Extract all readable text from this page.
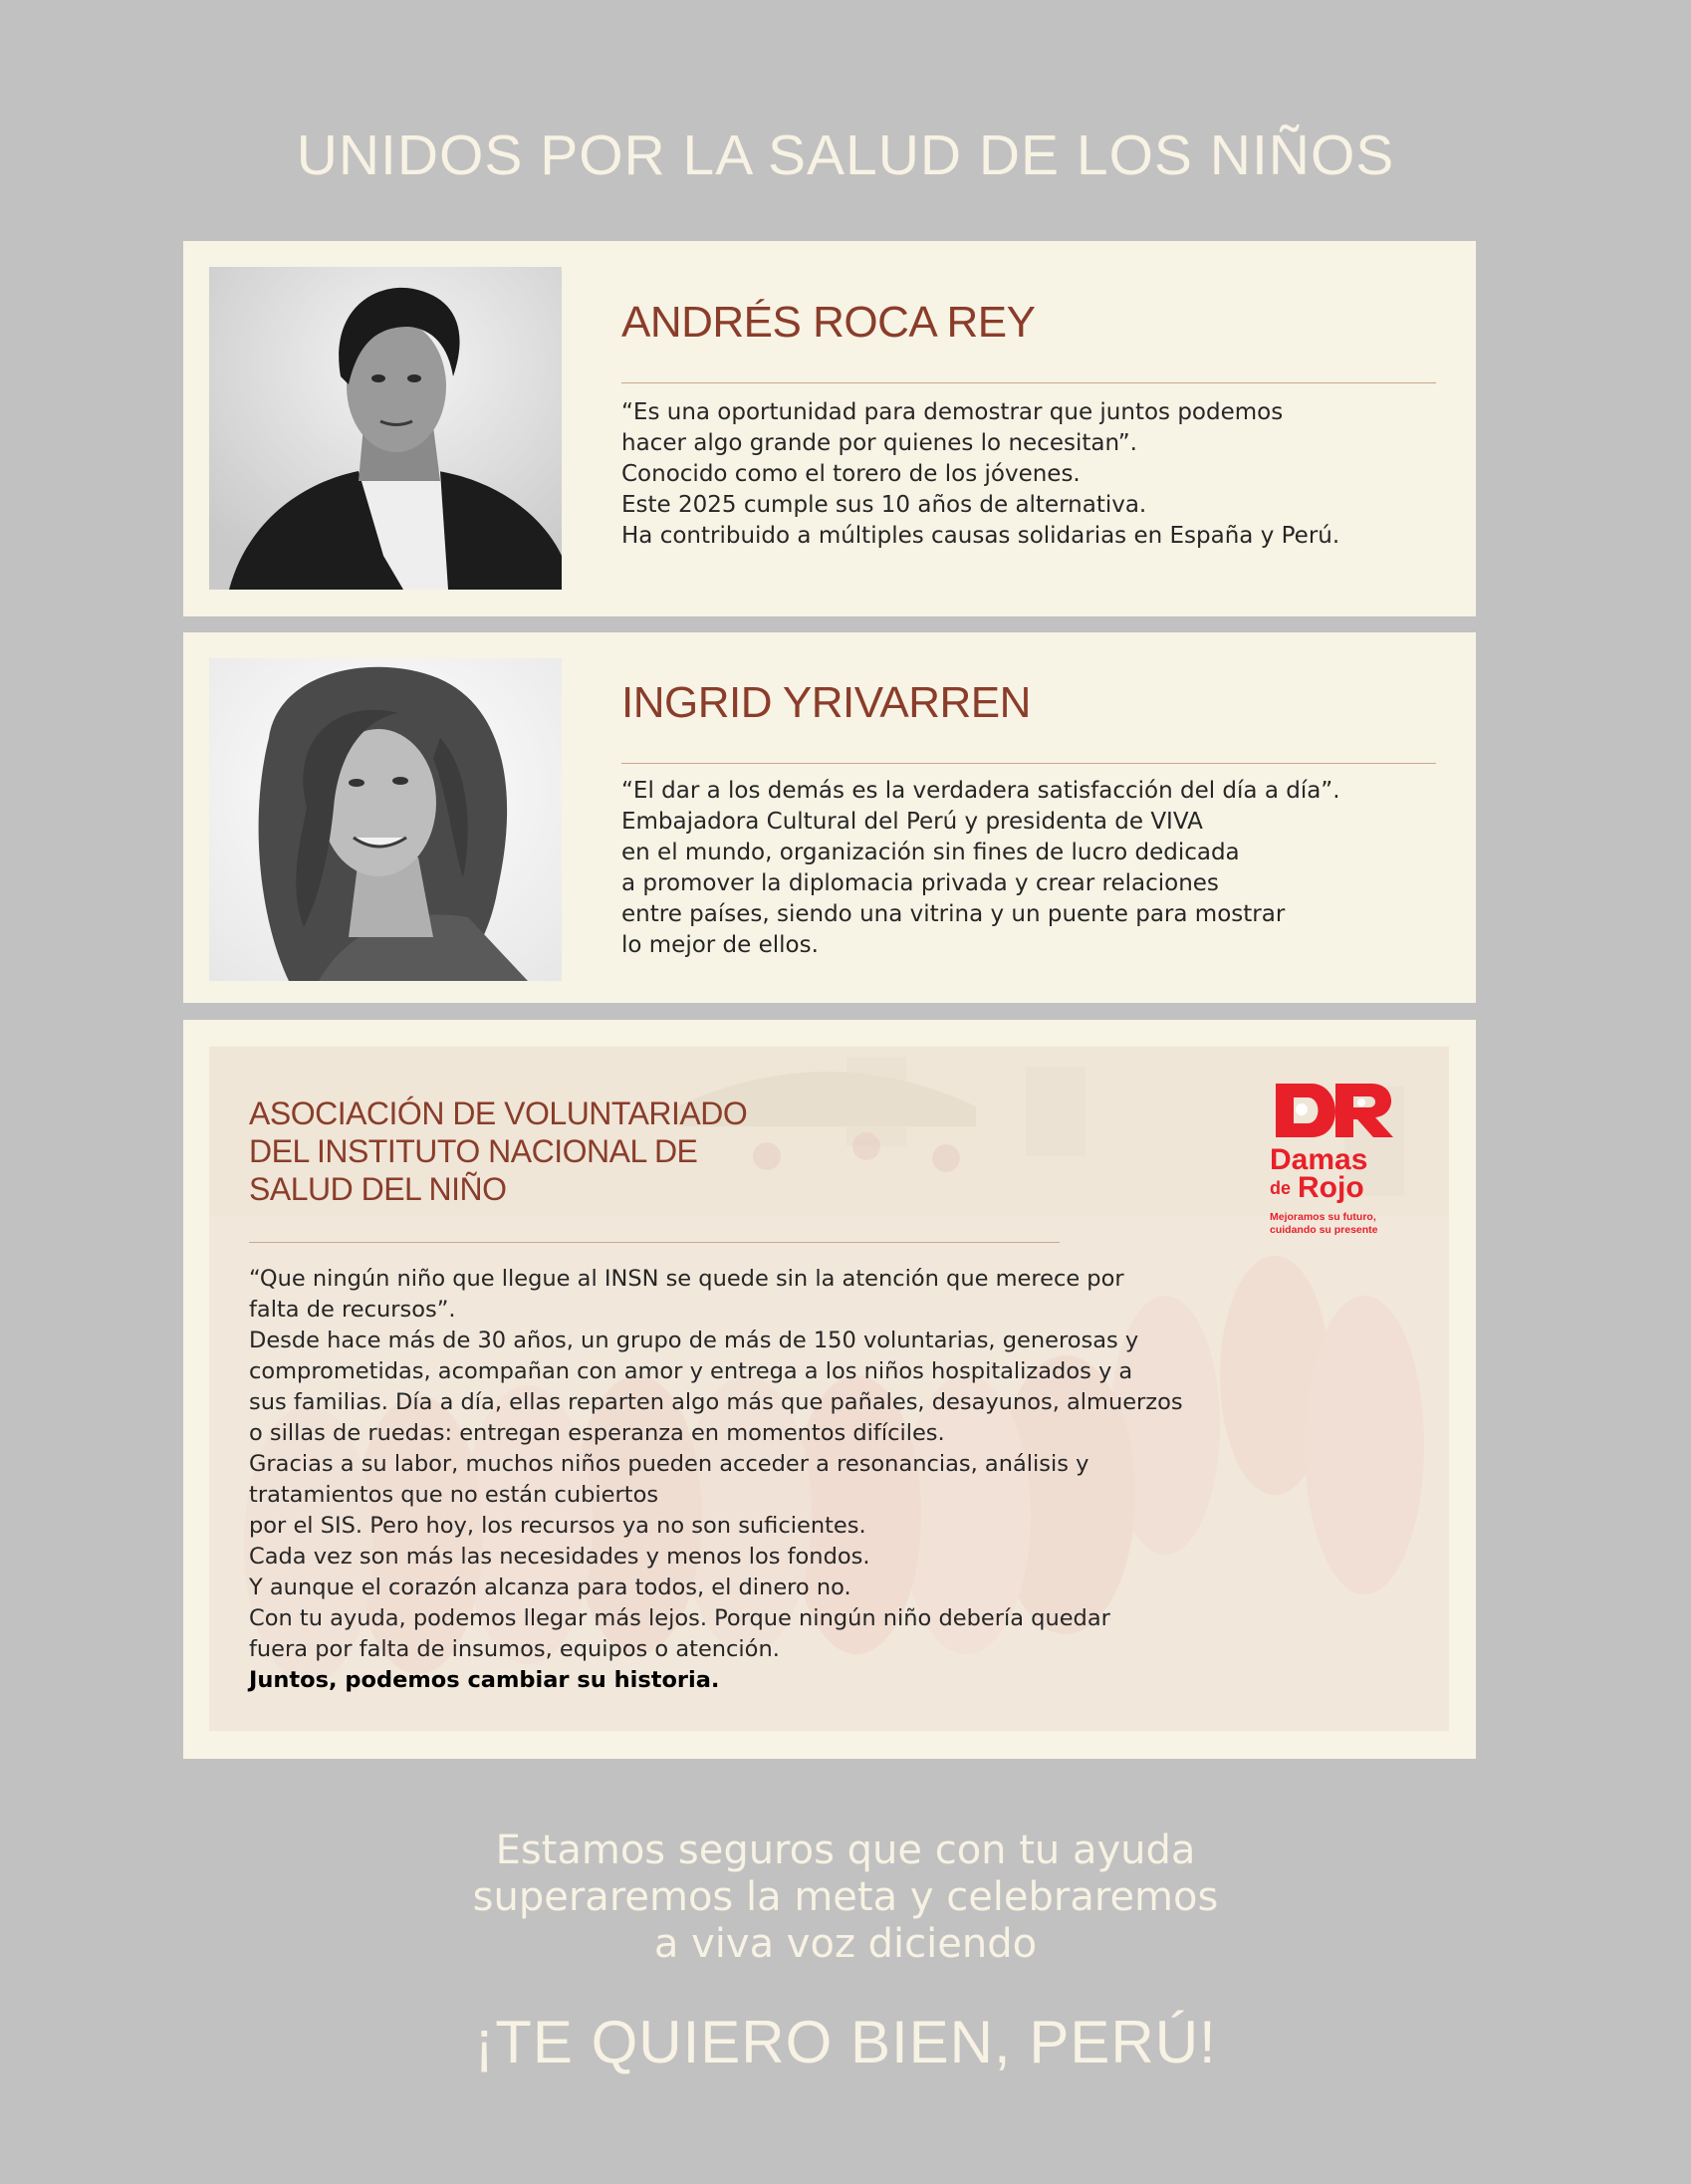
UNIDOS POR LA SALUD DE LOS NIÑOS
ANDRÉS ROCA REY
“Es una oportunidad para demostrar que juntos podemos
hacer algo grande por quienes lo necesitan”.
Conocido como el torero de los jóvenes.
Este 2025 cumple sus 10 años de alternativa.
Ha contribuido a múltiples causas solidarias en España y Perú.
INGRID YRIVARREN
“El dar a los demás es la verdadera satisfacción del día a día”.
Embajadora Cultural del Perú y presidenta de VIVA
en el mundo, organización sin fines de lucro dedicada
a promover la diplomacia privada y crear relaciones
entre países, siendo una vitrina y un puente para mostrar
lo mejor de ellos.
ASOCIACIÓN DE VOLUNTARIADO
DEL INSTITUTO NACIONAL DE
SALUD DEL NIÑO
“Que ningún niño que llegue al INSN se quede sin la atención que merece por
falta de recursos”.
Desde hace más de 30 años, un grupo de más de 150 voluntarias, generosas y
comprometidas, acompañan con amor y entrega a los niños hospitalizados y a
sus familias. Día a día, ellas reparten algo más que pañales, desayunos, almuerzos
o sillas de ruedas: entregan esperanza en momentos difíciles.
Gracias a su labor, muchos niños pueden acceder a resonancias, análisis y
tratamientos que no están cubiertos
por el SIS. Pero hoy, los recursos ya no son suficientes.
Cada vez son más las necesidades y menos los fondos.
Y aunque el corazón alcanza para todos, el dinero no.
Con tu ayuda, podemos llegar más lejos. Porque ningún niño debería quedar
fuera por falta de insumos, equipos o atención.
Juntos, podemos cambiar su historia.
Damas
de Rojo
Mejoramos su futuro,
cuidando su presente
Estamos seguros que con tu ayuda
superaremos la meta y celebraremos
a viva voz diciendo
¡TE QUIERO BIEN, PERÚ!
